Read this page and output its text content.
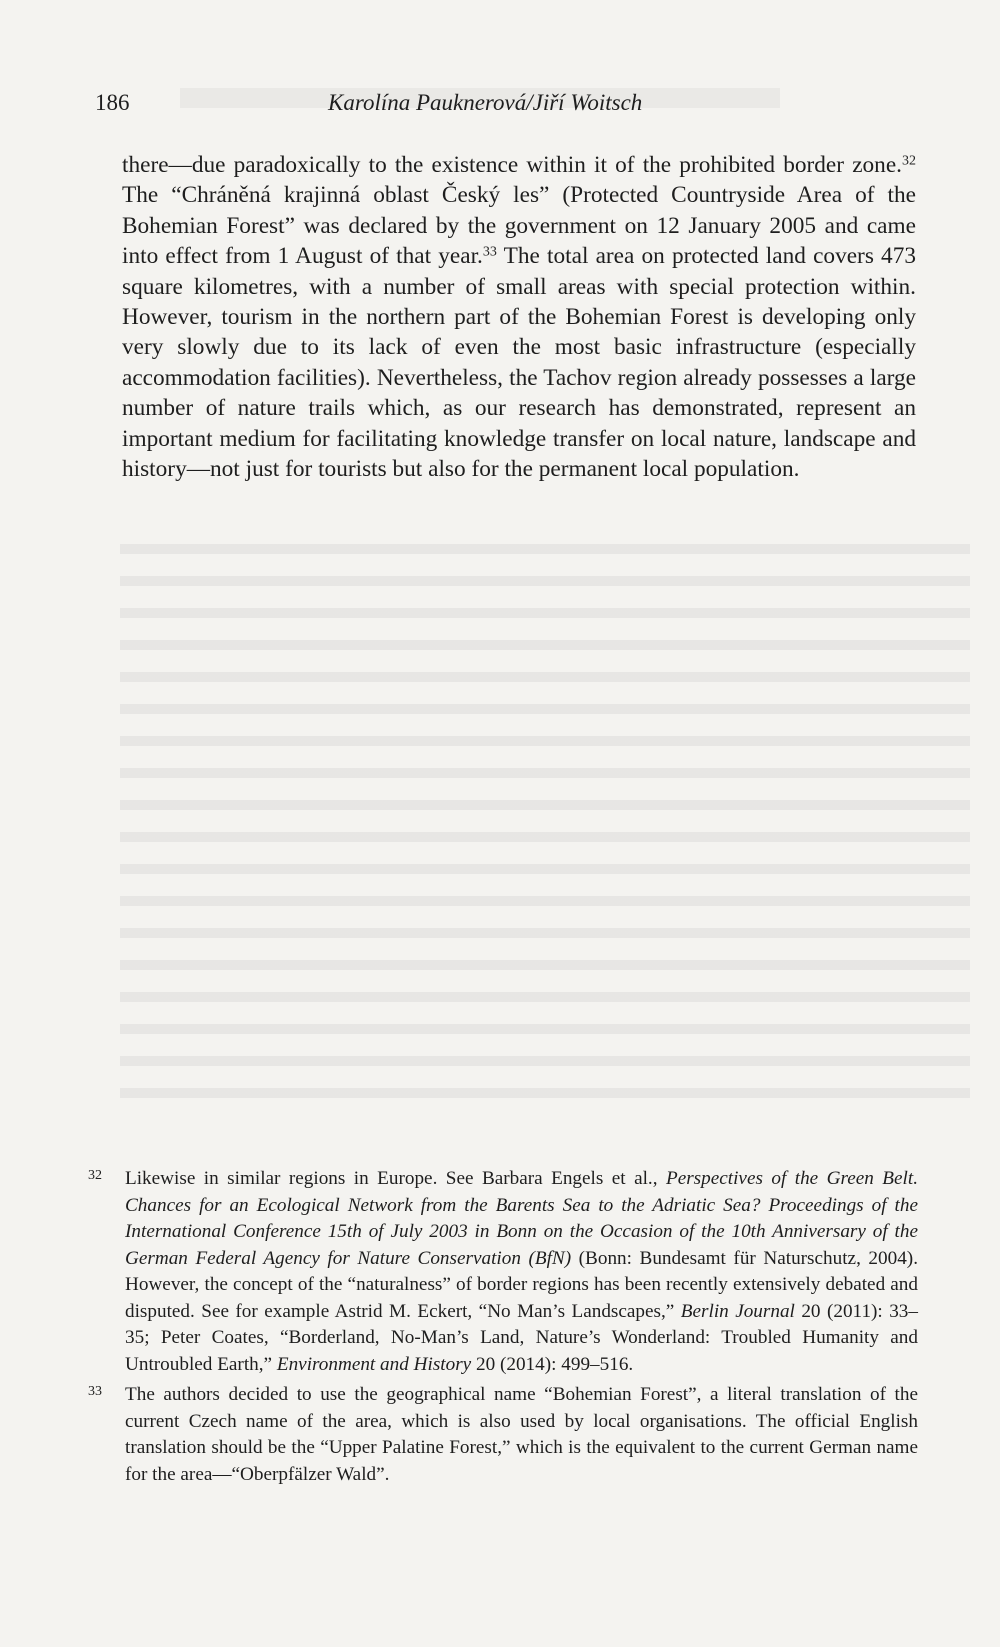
186	Karolína Pauknerová/Jiří Woitsch

there—due paradoxically to the existence within it of the prohibited border zone.$^{32}$ The “Chráněná krajinná oblast Český les” (Protected Countryside Area of the Bohemian Forest” was declared by the government on 12 January 2005 and came into effect from 1 August of that year.$^{33}$ The total area on protected land covers 473 square kilometres, with a number of small areas with special protection within. However, tourism in the northern part of the Bohemian Forest is developing only very slowly due to its lack of even the most basic infrastructure (especially accommodation facilities). Nevertheless, the Tachov region already possesses a large number of nature trails which, as our research has demonstrated, represent an important medium for facilitating knowledge transfer on local nature, landscape and history—not just for tourists but also for the permanent local population.

32 Likewise in similar regions in Europe. See Barbara Engels et al., Perspectives of the Green Belt. Chances for an Ecological Network from the Barents Sea to the Adriatic Sea? Proceedings of the International Conference 15th of July 2003 in Bonn on the Occasion of the 10th Anniversary of the German Federal Agency for Nature Conservation (BfN) (Bonn: Bundesamt für Naturschutz, 2004). However, the concept of the “naturalness” of border regions has been recently extensively debated and disputed. See for example Astrid M. Eckert, “No Man’s Landscapes,” Berlin Journal 20 (2011): 33–35; Peter Coates, “Borderland, No-Man’s Land, Nature’s Wonderland: Troubled Humanity and Untroubled Earth,” Environment and History 20 (2014): 499–516.

33 The authors decided to use the geographical name “Bohemian Forest”, a literal translation of the current Czech name of the area, which is also used by local organisations. The official English translation should be the “Upper Palatine Forest,” which is the equivalent to the current German name for the area—“Oberpfälzer Wald”.
